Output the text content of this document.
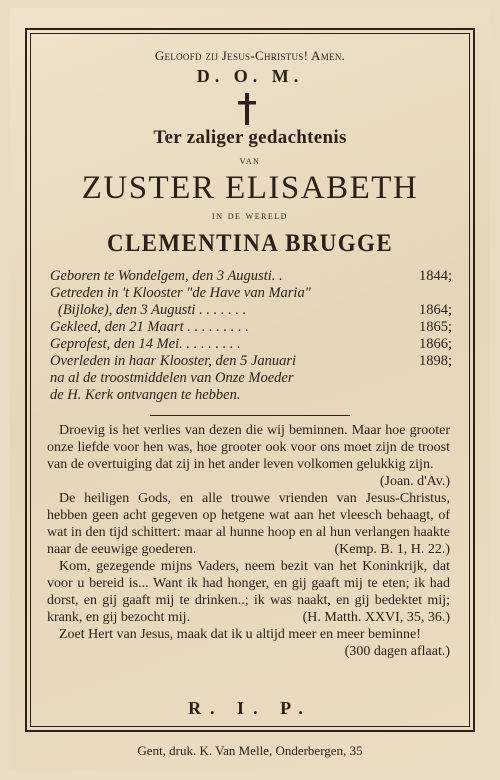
Geloofd zij Jesus-Christus! Amen.
D. O. M.
Ter zaliger gedachtenis
van
ZUSTER ELISABETH
in de wereld
CLEMENTINA BRUGGE
Geboren te Wondelgem, den 3 Augusti. .	1844;
Getreden in 't Klooster "de Have van Maria"
(Bijloke), den 3 Augusti . . . . . . .	1864;
Gekleed, den 21 Maart . . . . . . . . .	1865;
Geprofest, den 14 Mei. . . . . . . . .	1866;
Overleden in haar Klooster, den 5 Januari	1898;
na al de troostmiddelen van Onze Moeder
de H. Kerk ontvangen te hebben.

Droevig is het verlies van dezen die wij beminnen. Maar hoe grooter onze liefde voor hen was, hoe grooter ook voor ons moet zijn de troost van de overtuiging dat zij in het ander leven volkomen gelukkig zijn.
(Joan. d'Av.)

De heiligen Gods, en alle trouwe vrienden van Jesus-Christus, hebben geen acht gegeven op hetgene wat aan het vleesch behaagt, of wat in den tijd schittert: maar al hunne hoop en al hun verlangen haakte naar de eeuwige goederen.	(Kemp. B. 1, H. 22.)

Kom, gezegende mijns Vaders, neem bezit van het Koninkrijk, dat voor u bereid is... Want ik had honger, en gij gaaft mij te eten; ik had dorst, en gij gaaft mij te drinken..; ik was naakt, en gij bedektet mij; krank, en gij bezocht mij.	(H. Matth. XXVI, 35, 36.)

Zoet Hert van Jesus, maak dat ik u altijd meer en meer beminne!
(300 dagen aflaat.)

R. I. P.
Gent, druk. K. Van Melle, Onderbergen, 35
